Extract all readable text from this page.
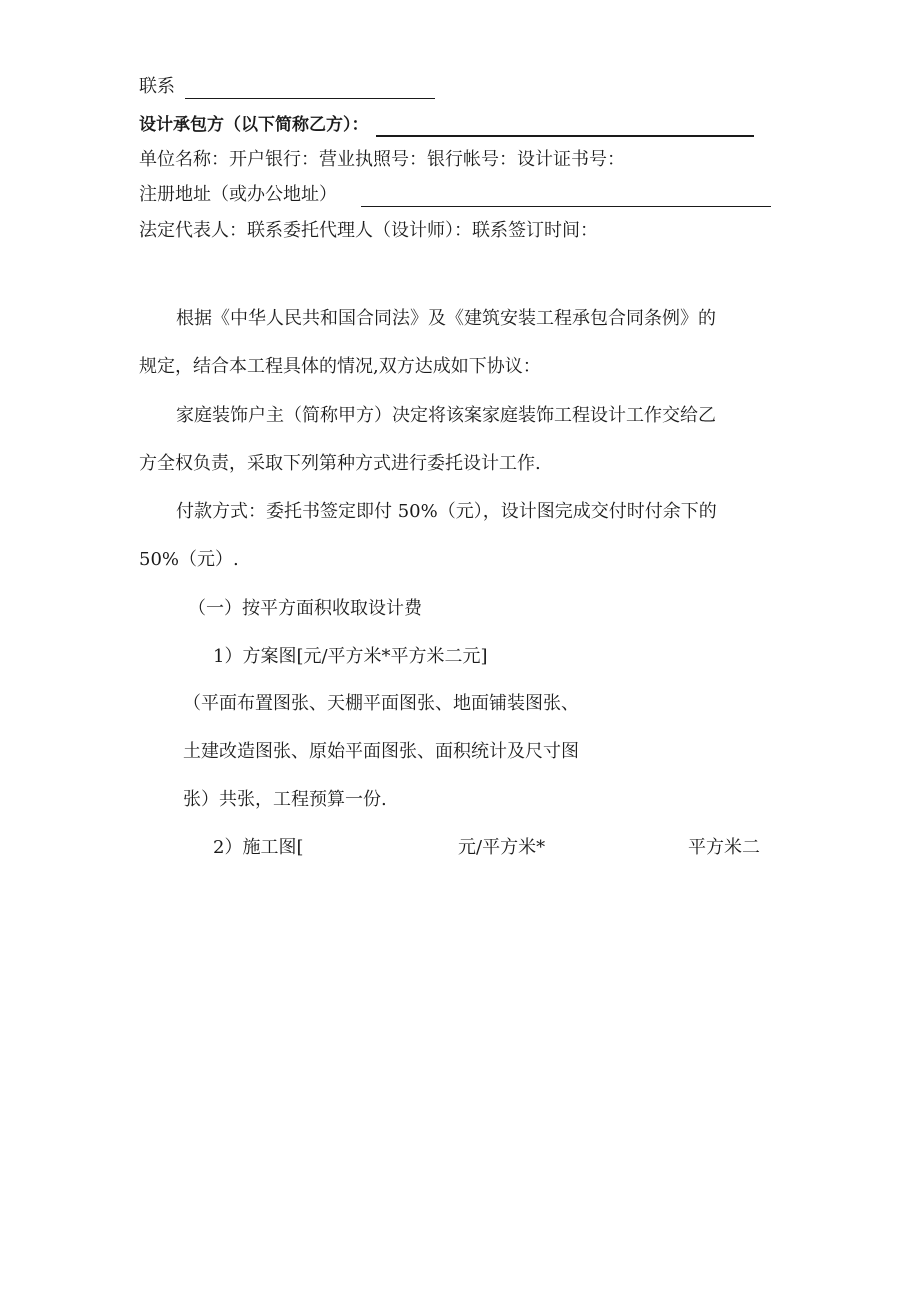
联系
设计承包方（以下简称乙方）：
单位名称：开户银行：营业执照号：银行帐号：设计证书号：
注册地址（或办公地址）
法定代表人：联系委托代理人（设计师）：联系签订时间：
根据《中华人民共和国合同法》及《建筑安装工程承包合同条例》的
规定，结合本工程具体的情况,双方达成如下协议：
家庭装饰户主（简称甲方）决定将该案家庭装饰工程设计工作交给乙
方全权负责，采取下列第种方式进行委托设计工作.
付款方式：委托书签定即付 50%（元），设计图完成交付时付余下的
50%（元）.
（一）按平方面积收取设计费
1）方案图[元/平方米*平方米二元]
（平面布置图张、天棚平面图张、地面铺装图张、
土建改造图张、原始平面图张、面积统计及尺寸图
张）共张，工程预算一份.
2）施工图[	元/平方米*	平方米二
